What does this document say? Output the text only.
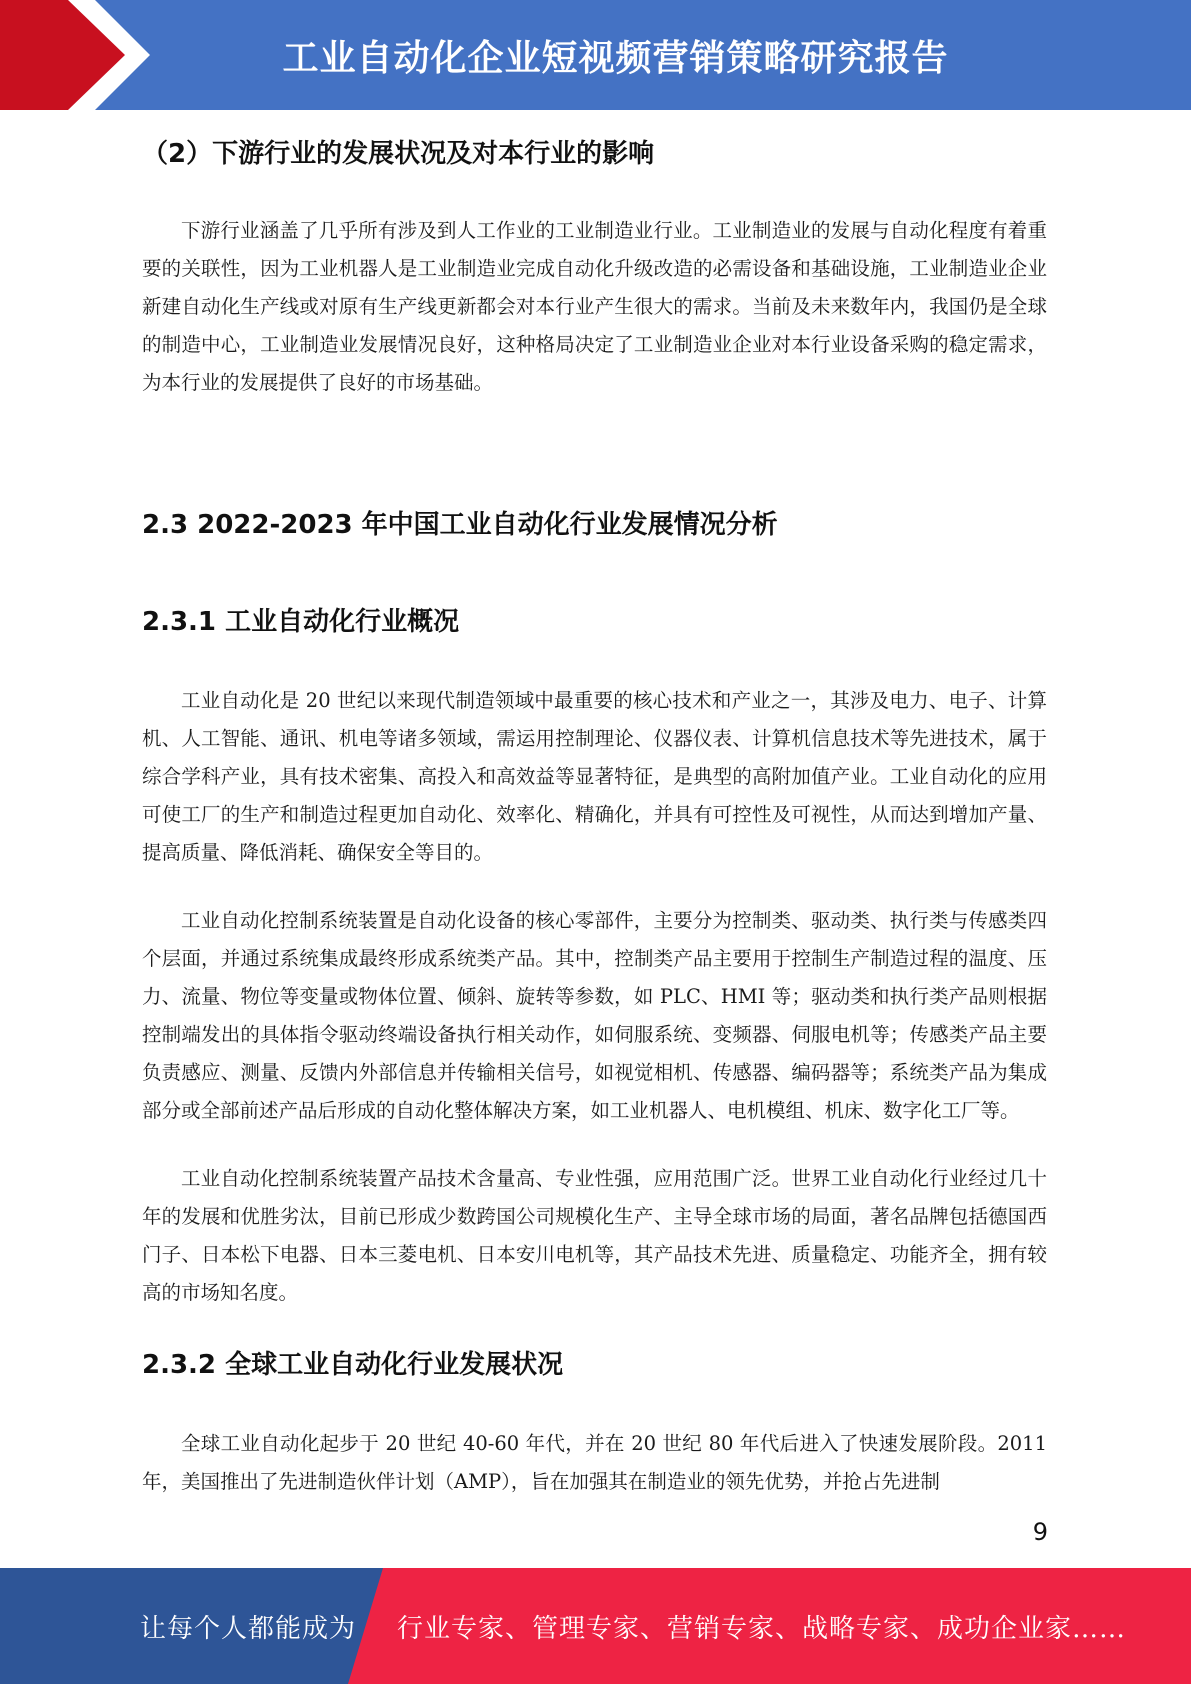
工业自动化企业短视频营销策略研究报告
（2）下游行业的发展状况及对本行业的影响

下游行业涵盖了几乎所有涉及到人工作业的工业制造业行业。工业制造业的发展与自动化程度有着重要的关联性，因为工业机器人是工业制造业完成自动化升级改造的必需设备和基础设施，工业制造业企业新建自动化生产线或对原有生产线更新都会对本行业产生很大的需求。当前及未来数年内，我国仍是全球的制造中心，工业制造业发展情况良好，这种格局决定了工业制造业企业对本行业设备采购的稳定需求，为本行业的发展提供了良好的市场基础。

2.3 2022-2023 年中国工业自动化行业发展情况分析
2.3.1 工业自动化行业概况

工业自动化是 20 世纪以来现代制造领域中最重要的核心技术和产业之一，其涉及电力、电子、计算机、人工智能、通讯、机电等诸多领域，需运用控制理论、仪器仪表、计算机信息技术等先进技术，属于综合学科产业，具有技术密集、高投入和高效益等显著特征，是典型的高附加值产业。工业自动化的应用可使工厂的生产和制造过程更加自动化、效率化、精确化，并具有可控性及可视性，从而达到增加产量、提高质量、降低消耗、确保安全等目的。

工业自动化控制系统装置是自动化设备的核心零部件，主要分为控制类、驱动类、执行类与传感类四个层面，并通过系统集成最终形成系统类产品。其中，控制类产品主要用于控制生产制造过程的温度、压力、流量、物位等变量或物体位置、倾斜、旋转等参数，如 PLC、HMI 等；驱动类和执行类产品则根据控制端发出的具体指令驱动终端设备执行相关动作，如伺服系统、变频器、伺服电机等；传感类产品主要负责感应、测量、反馈内外部信息并传输相关信号，如视觉相机、传感器、编码器等；系统类产品为集成部分或全部前述产品后形成的自动化整体解决方案，如工业机器人、电机模组、机床、数字化工厂等。

工业自动化控制系统装置产品技术含量高、专业性强，应用范围广泛。世界工业自动化行业经过几十年的发展和优胜劣汰，目前已形成少数跨国公司规模化生产、主导全球市场的局面，著名品牌包括德国西门子、日本松下电器、日本三菱电机、日本安川电机等，其产品技术先进、质量稳定、功能齐全，拥有较高的市场知名度。

2.3.2 全球工业自动化行业发展状况

全球工业自动化起步于 20 世纪 40-60 年代，并在 20 世纪 80 年代后进入了快速发展阶段。2011 年，美国推出了先进制造伙伴计划（AMP），旨在加强其在制造业的领先优势，并抢占先进制

9
让每个人都能成为 行业专家、管理专家、营销专家、战略专家、成功企业家……
